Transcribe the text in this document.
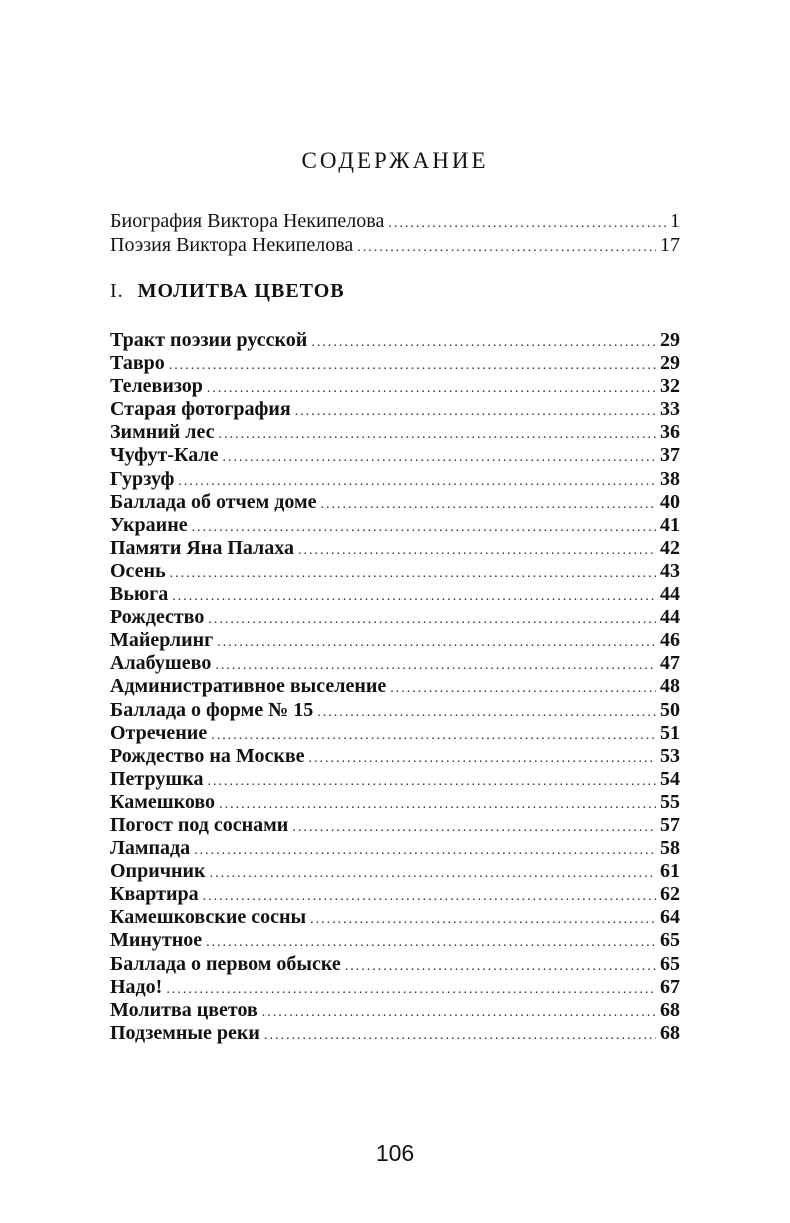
СОДЕРЖАНИЕ
Биография Виктора Некипелова .....	1
Поэзия Виктора Некипелова .....	17
I. МОЛИТВА ЦВЕТОВ
Тракт поэзии русской .....	29
Тавро .....	29
Телевизор .....	32
Старая фотография .....	33
Зимний лес .....	36
Чуфут-Кале .....	37
Гурзуф .....	38
Баллада об отчем доме .....	40
Украине .....	41
Памяти Яна Палаха .....	42
Осень .....	43
Вьюга .....	44
Рождество .....	44
Майерлинг .....	46
Алабушево .....	47
Административное выселение .....	48
Баллада о форме № 15 .....	50
Отречение .....	51
Рождество на Москве .....	53
Петрушка .....	54
Камешково .....	55
Погост под соснами .....	57
Лампада .....	58
Опричник .....	61
Квартира .....	62
Камешковские сосны .....	64
Минутное .....	65
Баллада о первом обыске .....	65
Надо! .....	67
Молитва цветов .....	68
Подземные реки .....	68
106
